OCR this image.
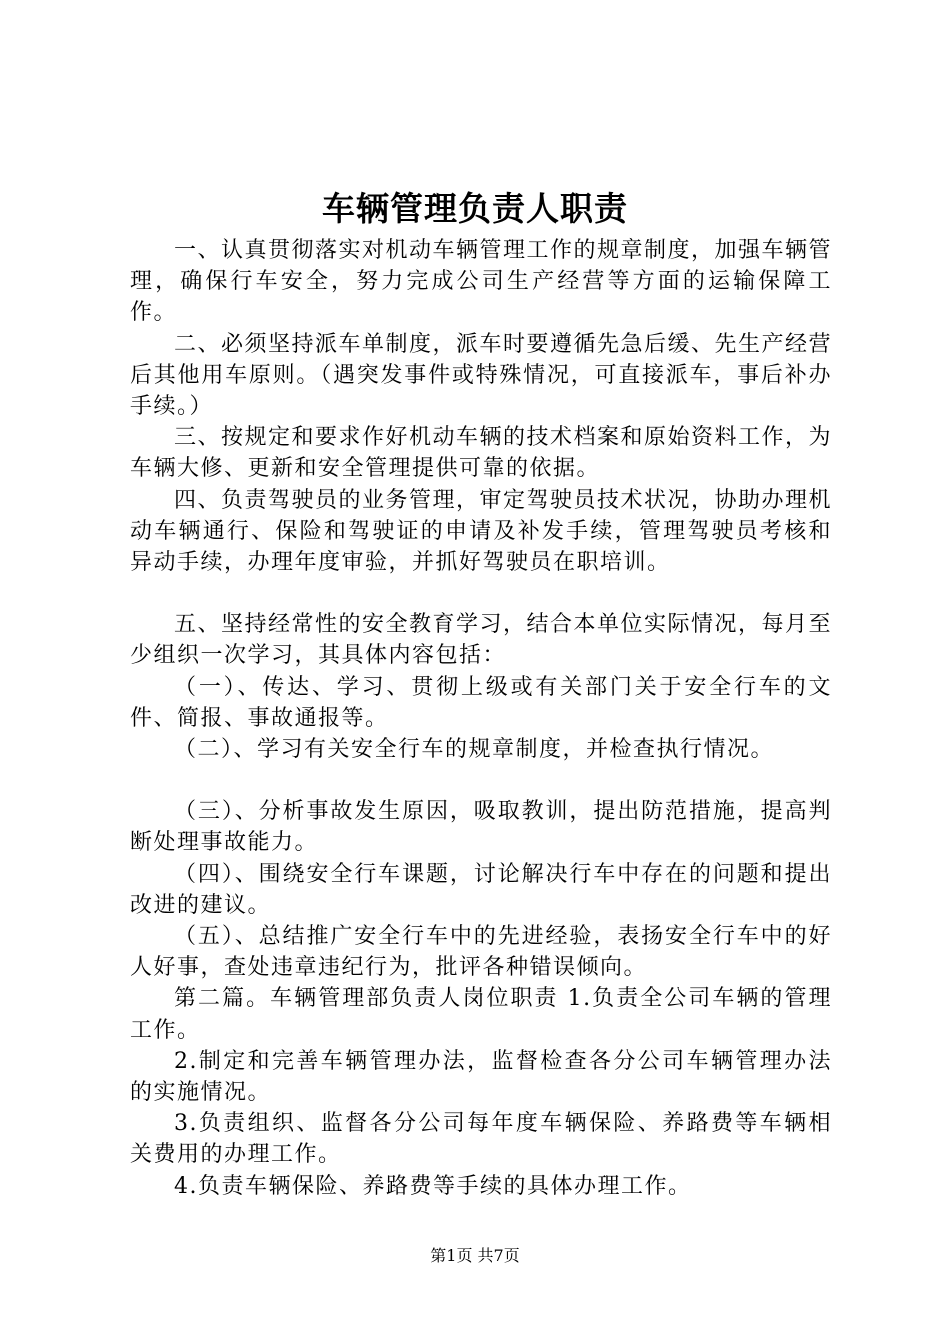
车辆管理负责人职责

一、认真贯彻落实对机动车辆管理工作的规章制度，加强车辆管理，确保行车安全，努力完成公司生产经营等方面的运输保障工作。

二、必须坚持派车单制度，派车时要遵循先急后缓、先生产经营后其他用车原则。（遇突发事件或特殊情况，可直接派车，事后补办手续。）

三、按规定和要求作好机动车辆的技术档案和原始资料工作，为车辆大修、更新和安全管理提供可靠的依据。

四、负责驾驶员的业务管理，审定驾驶员技术状况，协助办理机动车辆通行、保险和驾驶证的申请及补发手续，管理驾驶员考核和异动手续，办理年度审验，并抓好驾驶员在职培训。

五、坚持经常性的安全教育学习，结合本单位实际情况，每月至少组织一次学习，其具体内容包括：

（一）、传达、学习、贯彻上级或有关部门关于安全行车的文件、简报、事故通报等。

（二）、学习有关安全行车的规章制度，并检查执行情况。

（三）、分析事故发生原因，吸取教训，提出防范措施，提高判断处理事故能力。

（四）、围绕安全行车课题，讨论解决行车中存在的问题和提出改进的建议。

（五）、总结推广安全行车中的先进经验，表扬安全行车中的好人好事，查处违章违纪行为，批评各种错误倾向。

第二篇。车辆管理部负责人岗位职责 1.负责全公司车辆的管理工作。

2.制定和完善车辆管理办法，监督检查各分公司车辆管理办法的实施情况。

3.负责组织、监督各分公司每年度车辆保险、养路费等车辆相关费用的办理工作。

4.负责车辆保险、养路费等手续的具体办理工作。

第1页 共7页
